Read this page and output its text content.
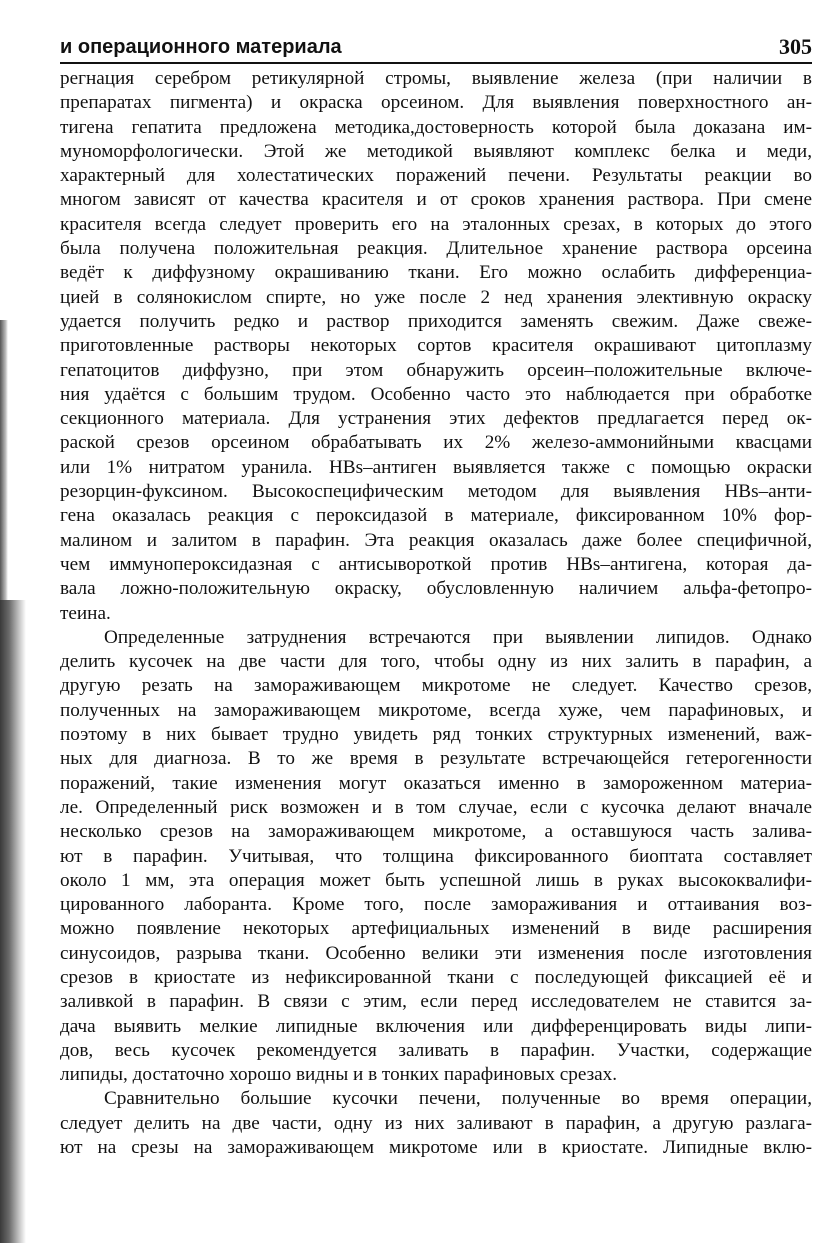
и операционного материала	305
регнация серебром ретикулярной стромы, выявление железа (при наличии в
препаратах пигмента) и окраска орсеином. Для выявления поверхностного ан-
тигена гепатита предложена методика,достоверность которой была доказана им-
муноморфологически. Этой же методикой выявляют комплекс белка и меди,
характерный для холестатических поражений печени. Результаты реакции во
многом зависят от качества красителя и от сроков хранения раствора. При смене
красителя всегда следует проверить его на эталонных срезах, в которых до этого
была получена положительная реакция. Длительное хранение раствора орсеина
ведёт к диффузному окрашиванию ткани. Его можно ослабить дифференциа-
цией в солянокислом спирте, но уже после 2 нед хранения элективную окраску
удается получить редко и раствор приходится заменять свежим. Даже свеже-
приготовленные растворы некоторых сортов красителя окрашивают цитоплазму
гепатоцитов диффузно, при этом обнаружить орсеин–положительные включе-
ния удаётся с большим трудом. Особенно часто это наблюдается при обработке
секционного материала. Для устранения этих дефектов предлагается перед ок-
раской срезов орсеином обрабатывать их 2% железо-аммонийными квасцами
или 1% нитратом уранила. HBs–антиген выявляется также с помощью окраски
резорцин-фуксином. Высокоспецифическим методом для выявления HBs–анти-
гена оказалась реакция с пероксидазой в материале, фиксированном 10% фор-
малином и залитом в парафин. Эта реакция оказалась даже более специфичной,
чем иммунопероксидазная с антисывороткой против HBs–антигена, которая да-
вала ложно-положительную окраску, обусловленную наличием альфа-фетопро-
теина.
Определенные затруднения встречаются при выявлении липидов. Однако
делить кусочек на две части для того, чтобы одну из них залить в парафин, а
другую резать на замораживающем микротоме не следует. Качество срезов,
полученных на замораживающем микротоме, всегда хуже, чем парафиновых, и
поэтому в них бывает трудно увидеть ряд тонких структурных изменений, важ-
ных для диагноза. В то же время в результате встречающейся гетерогенности
поражений, такие изменения могут оказаться именно в замороженном материа-
ле. Определенный риск возможен и в том случае, если с кусочка делают вначале
несколько срезов на замораживающем микротоме, а оставшуюся часть залива-
ют в парафин. Учитывая, что толщина фиксированного биоптата составляет
около 1 мм, эта операция может быть успешной лишь в руках высококвалифи-
цированного лаборанта. Кроме того, после замораживания и оттаивания воз-
можно появление некоторых артефициальных изменений в виде расширения
синусоидов, разрыва ткани. Особенно велики эти изменения после изготовления
срезов в криостате из нефиксированной ткани с последующей фиксацией её и
заливкой в парафин. В связи с этим, если перед исследователем не ставится за-
дача выявить мелкие липидные включения или дифференцировать виды липи-
дов, весь кусочек рекомендуется заливать в парафин. Участки, содержащие
липиды, достаточно хорошо видны и в тонких парафиновых срезах.
Сравнительно большие кусочки печени, полученные во время операции,
следует делить на две части, одну из них заливают в парафин, а другую разлага-
ют на срезы на замораживающем микротоме или в криостате. Липидные вклю-
